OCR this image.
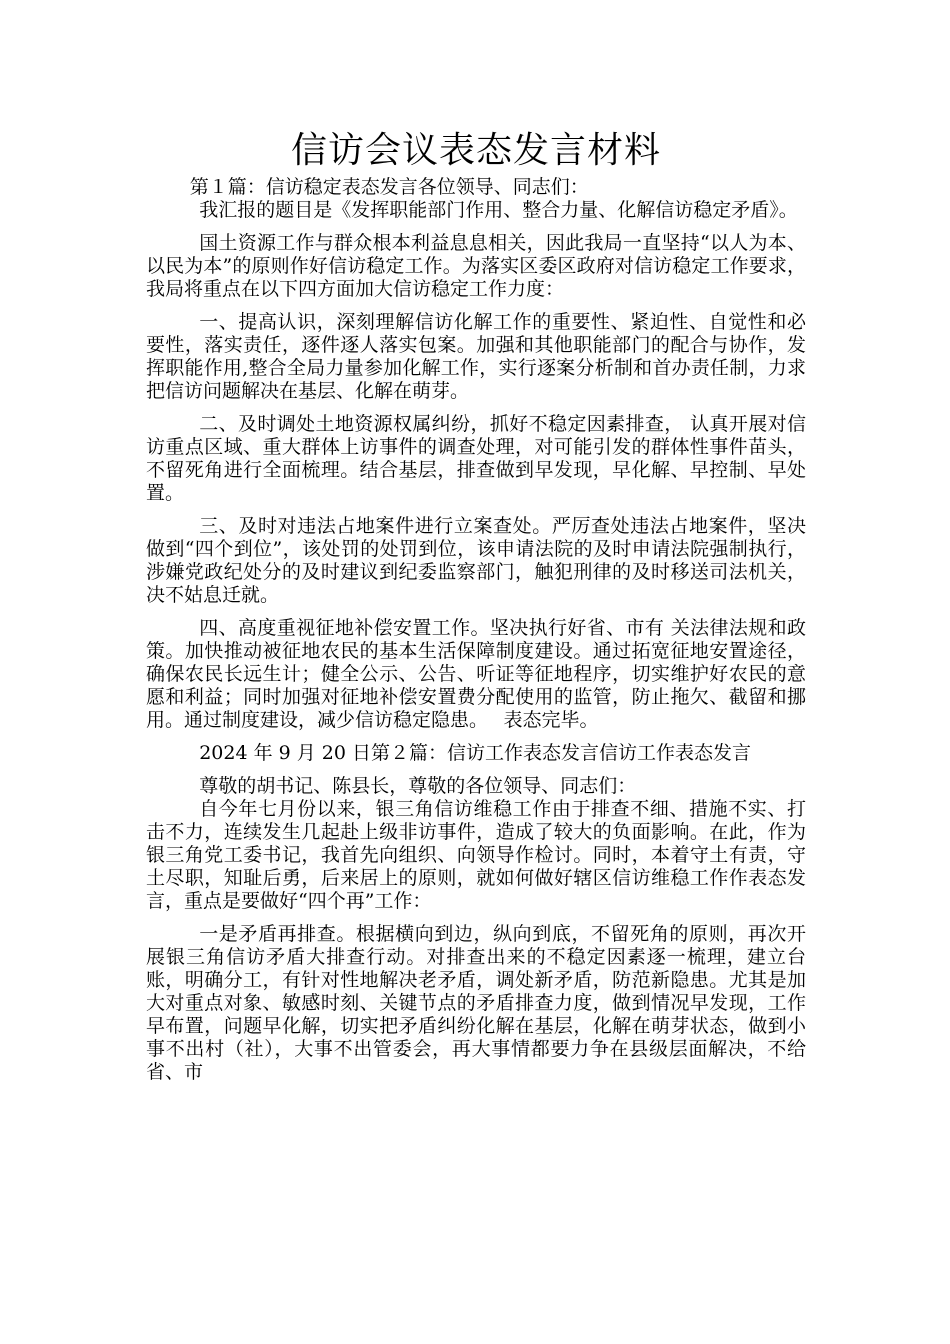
信访会议表态发言材料

第１篇：信访稳定表态发言各位领导、同志们：

我汇报的题目是《发挥职能部门作用、整合力量、化解信访稳定矛盾》。

国土资源工作与群众根本利益息息相关，因此我局一直坚持“以人为本、以民为本”的原则作好信访稳定工作。为落实区委区政府对信访稳定工作要求，我局将重点在以下四方面加大信访稳定工作力度：

一、提高认识，深刻理解信访化解工作的重要性、紧迫性、自觉性和必要性，落实责任，逐件逐人落实包案。加强和其他职能部门的配合与协作，发挥职能作用,整合全局力量参加化解工作，实行逐案分析制和首办责任制，力求把信访问题解决在基层、化解在萌芽。

二、及时调处土地资源权属纠纷，抓好不稳定因素排查， 认真开展对信访重点区域、重大群体上访事件的调查处理，对可能引发的群体性事件苗头，不留死角进行全面梳理。结合基层，排查做到早发现，早化解、早控制、早处置。

三、及时对违法占地案件进行立案查处。严厉查处违法占地案件，坚决做到“四个到位”，该处罚的处罚到位，该申请法院的及时申请法院强制执行，涉嫌党政纪处分的及时建议到纪委监察部门，触犯刑律的及时移送司法机关，决不姑息迁就。

四、高度重视征地补偿安置工作。坚决执行好省、市有 关法律法规和政策。加快推动被征地农民的基本生活保障制度建设。通过拓宽征地安置途径，确保农民长远生计；健全公示、公告、听证等征地程序，切实维护好农民的意愿和利益；同时加强对征地补偿安置费分配使用的监管，防止拖欠、截留和挪用。通过制度建设，减少信访稳定隐患。　 表态完毕。

2024 年 9 月 20 日第２篇：信访工作表态发言信访工作表态发言

尊敬的胡书记、陈县长，尊敬的各位领导、同志们：

自今年七月份以来，银三角信访维稳工作由于排查不细、措施不实、打击不力，连续发生几起赴上级非访事件，造成了较大的负面影响。在此，作为银三角党工委书记，我首先向组织、向领导作检讨。同时，本着守土有责，守土尽职，知耻后勇，后来居上的原则，就如何做好辖区信访维稳工作作表态发言，重点是要做好“四个再”工作：

一是矛盾再排查。根据横向到边，纵向到底，不留死角的原则，再次开展银三角信访矛盾大排查行动。对排查出来的不稳定因素逐一梳理，建立台账，明确分工，有针对性地解决老矛盾，调处新矛盾，防范新隐患。尤其是加大对重点对象、敏感时刻、关键节点的矛盾排查力度，做到情况早发现，工作早布置，问题早化解，切实把矛盾纠纷化解在基层，化解在萌芽状态，做到小事不出村（社），大事不出管委会，再大事情都要力争在县级层面解决，不给省、市
